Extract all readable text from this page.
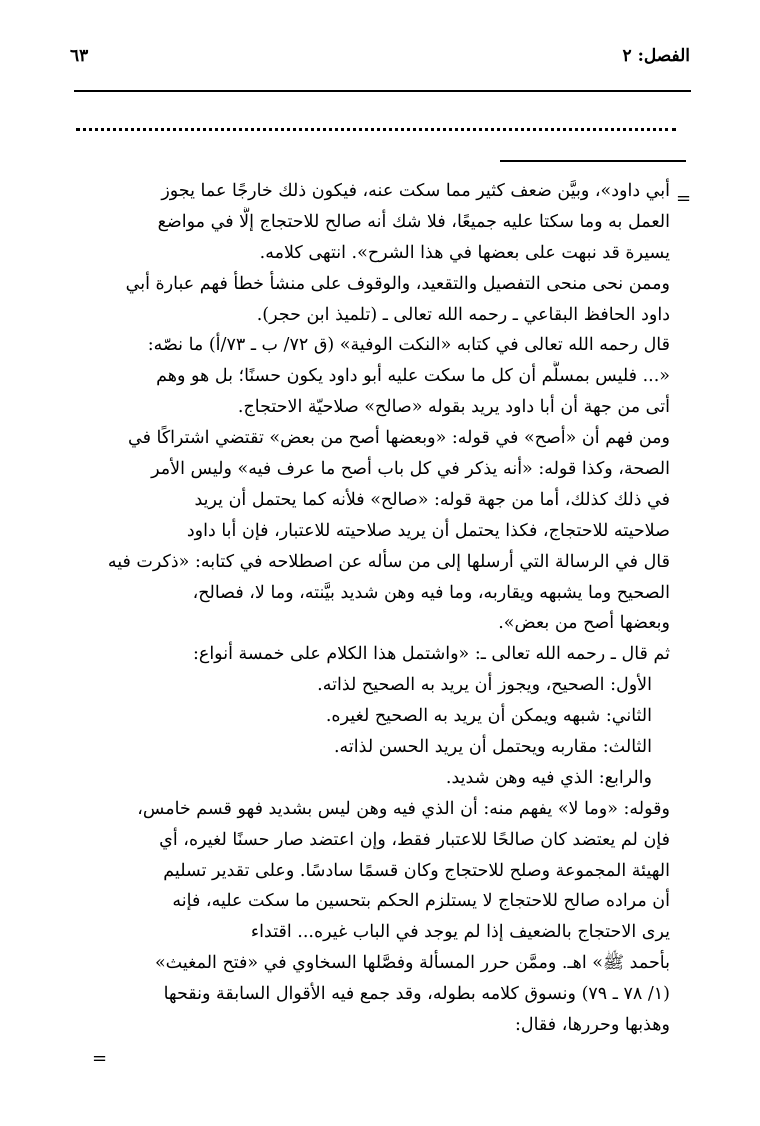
الفصل: ٢
٦٣
=
أبي داود»، وبيَّن ضعف كثير مما سكت عنه، فيكون ذلك خارجًا عما يجوز
العمل به وما سكتا عليه جميعًا، فلا شك أنه صالح للاحتجاج إلَّا في مواضع
يسيرة قد نبهت على بعضها في هذا الشرح». انتهى كلامه.
وممن نحى منحى التفصيل والتقعيد، والوقوف على منشأ خطأ فهم عبارة أبي
داود الحافظ البقاعي ـ رحمه الله تعالى ـ (تلميذ ابن حجر).
قال رحمه الله تعالى في كتابه «النكت الوفية» (ق ٧٢/ ب ـ ٧٣/أ) ما نصّه:
«... فليس بمسلَّم أن كل ما سكت عليه أبو داود يكون حسنًا؛ بل هو وهم
أتى من جهة أن أبا داود يريد بقوله «صالح» صلاحيّة الاحتجاج.
ومن فهم أن «أصح» في قوله: «وبعضها أصح من بعض» تقتضي اشتراكًا في
الصحة، وكذا قوله: «أنه يذكر في كل باب أصح ما عرف فيه» وليس الأمر
في ذلك كذلك، أما من جهة قوله: «صالح» فلأنه كما يحتمل أن يريد
صلاحيته للاحتجاج، فكذا يحتمل أن يريد صلاحيته للاعتبار، فإن أبا داود
قال في الرسالة التي أرسلها إلى من سأله عن اصطلاحه في كتابه: «ذكرت فيه
الصحيح وما يشبهه ويقاربه، وما فيه وهن شديد بيَّنته، وما لا، فصالح،
وبعضها أصح من بعض».
ثم قال ـ رحمه الله تعالى ـ: «واشتمل هذا الكلام على خمسة أنواع:
الأول: الصحيح، ويجوز أن يريد به الصحيح لذاته.
الثاني: شبهه ويمكن أن يريد به الصحيح لغيره.
الثالث: مقاربه ويحتمل أن يريد الحسن لذاته.
والرابع: الذي فيه وهن شديد.
وقوله: «وما لا» يفهم منه: أن الذي فيه وهن ليس بشديد فهو قسم خامس،
فإن لم يعتضد كان صالحًا للاعتبار فقط، وإن اعتضد صار حسنًا لغيره، أي
الهيئة المجموعة وصلح للاحتجاج وكان قسمًا سادسًا. وعلى تقدير تسليم
أن مراده صالح للاحتجاج لا يستلزم الحكم بتحسين ما سكت عليه، فإنه
يرى الاحتجاج بالضعيف إذا لم يوجد في الباب غيره... اقتداء
بأحمد ﷺ» اهـ. وممَّن حرر المسألة وفصَّلها السخاوي في «فتح المغيث»
(١/ ٧٨ ـ ٧٩) ونسوق كلامه بطوله، وقد جمع فيه الأقوال السابقة ونقحها
وهذبها وحررها، فقال:
=
